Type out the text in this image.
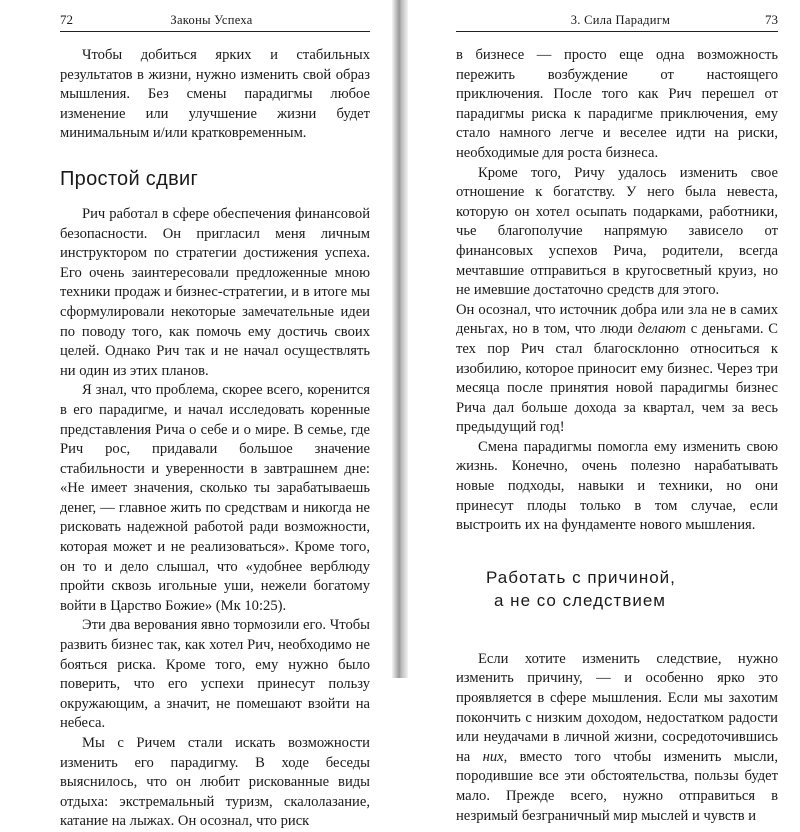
72	Законы Успеха

Чтобы добиться ярких и стабильных результатов в жизни, нужно изменить свой образ мышления. Без смены парадигмы любое изменение или улучшение жизни будет минимальным и/или кратковременным.

Простой сдвиг

Рич работал в сфере обеспечения финансовой безопасности. Он пригласил меня личным инструктором по стратегии достижения успеха. Его очень заинтересовали предложенные мною техники продаж и бизнес-стратегии, и в итоге мы сформулировали некоторые замечательные идеи по поводу того, как помочь ему достичь своих целей. Однако Рич так и не начал осуществлять ни один из этих планов.

Я знал, что проблема, скорее всего, коренится в его парадигме, и начал исследовать коренные представления Рича о себе и о мире. В семье, где Рич рос, придавали большое значение стабильности и уверенности в завтрашнем дне: «Не имеет значения, сколько ты зарабатываешь денег, — главное жить по средствам и никогда не рисковать надежной работой ради возможности, которая может и не реализоваться». Кроме того, он то и дело слышал, что «удобнее верблюду пройти сквозь игольные уши, нежели богатому войти в Царство Божие» (Мк 10:25).

Эти два верования явно тормозили его. Чтобы развить бизнес так, как хотел Рич, необходимо не бояться риска. Кроме того, ему нужно было поверить, что его успехи принесут пользу окружающим, а значит, не помешают взойти на небеса.

Мы с Ричем стали искать возможности изменить его парадигму. В ходе беседы выяснилось, что он любит рискованные виды отдыха: экстремальный туризм, скалолазание, катание на лыжах. Он осознал, что риск

3. Сила Парадигм	73

в бизнесе — просто еще одна возможность пережить возбуждение от настоящего приключения. После того как Рич перешел от парадигмы риска к парадигме приключения, ему стало намного легче и веселее идти на риски, необходимые для роста бизнеса.

Кроме того, Ричу удалось изменить свое отношение к богатству. У него была невеста, которую он хотел осыпать подарками, работники, чье благополучие напрямую зависело от финансовых успехов Рича, родители, всегда мечтавшие отправиться в кругосветный круиз, но не имевшие достаточно средств для этого.

Он осознал, что источник добра или зла не в самих деньгах, но в том, что люди делают с деньгами. С тех пор Рич стал благосклонно относиться к изобилию, которое приносит ему бизнес. Через три месяца после принятия новой парадигмы бизнес Рича дал больше дохода за квартал, чем за весь предыдущий год!

Смена парадигмы помогла ему изменить свою жизнь. Конечно, очень полезно нарабатывать новые подходы, навыки и техники, но они принесут плоды только в том случае, если выстроить их на фундаменте нового мышления.

Работать с причиной,
а не со следствием

Если хотите изменить следствие, нужно изменить причину, — и особенно ярко это проявляется в сфере мышления. Если мы захотим покончить с низким доходом, недостатком радости или неудачами в личной жизни, сосредоточившись на них, вместо того чтобы изменить мысли, породившие все эти обстоятельства, пользы будет мало. Прежде всего, нужно отправиться в незримый безграничный мир мыслей и чувств и
